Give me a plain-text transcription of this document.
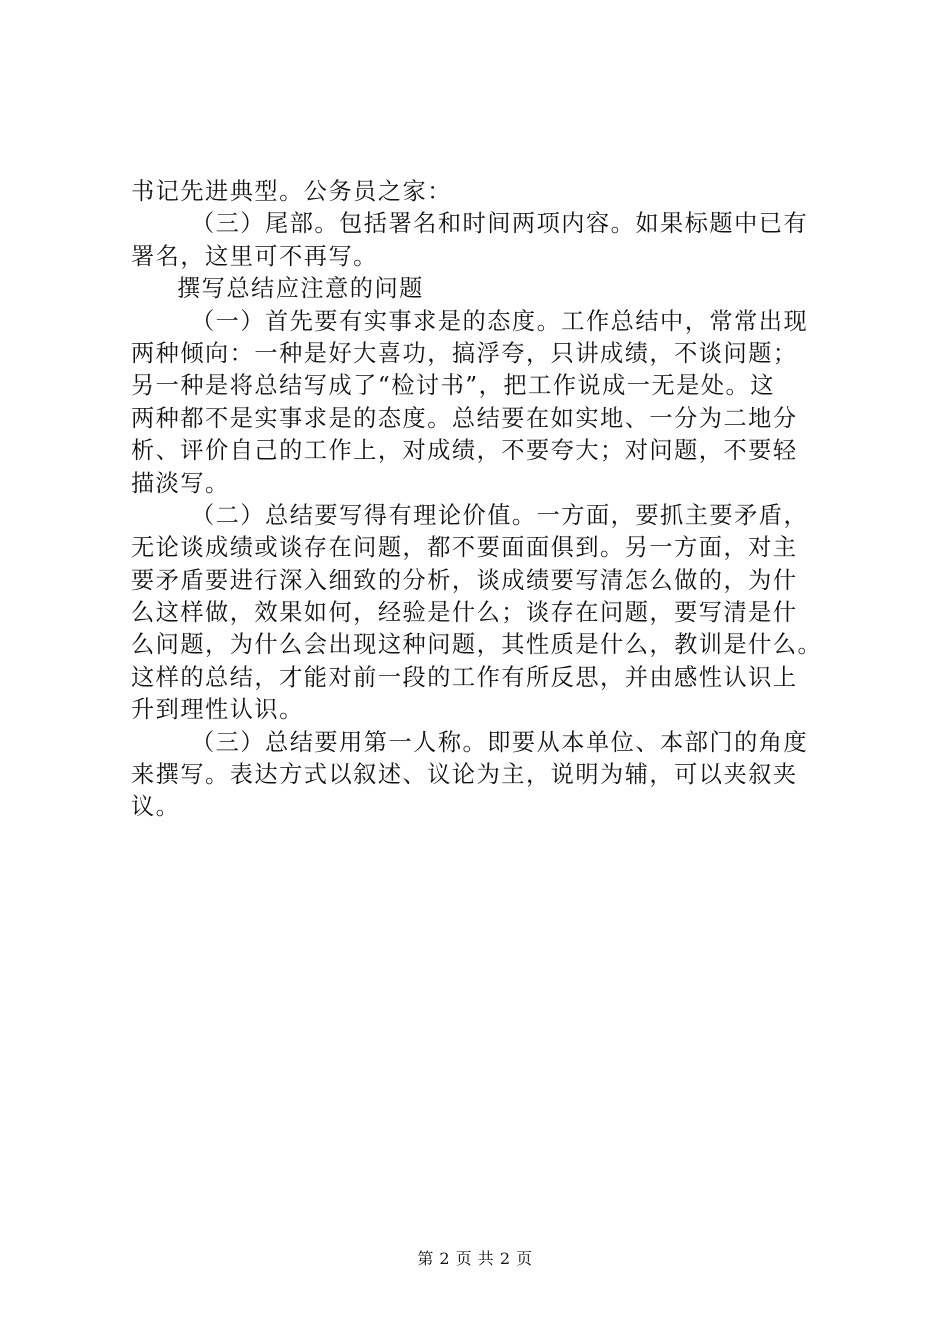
书记先进典型。公务员之家：
（三）尾部。包括署名和时间两项内容。如果标题中已有
署名，这里可不再写。
撰写总结应注意的问题
（一）首先要有实事求是的态度。工作总结中，常常出现
两种倾向：一种是好大喜功，搞浮夸，只讲成绩，不谈问题；
另一种是将总结写成了“检讨书”，把工作说成一无是处。这
两种都不是实事求是的态度。总结要在如实地、一分为二地分
析、评价自己的工作上，对成绩，不要夸大；对问题，不要轻
描淡写。
（二）总结要写得有理论价值。一方面，要抓主要矛盾，
无论谈成绩或谈存在问题，都不要面面俱到。另一方面，对主
要矛盾要进行深入细致的分析，谈成绩要写清怎么做的，为什
么这样做，效果如何，经验是什么；谈存在问题，要写清是什
么问题，为什么会出现这种问题，其性质是什么，教训是什么。
这样的总结，才能对前一段的工作有所反思，并由感性认识上
升到理性认识。
（三）总结要用第一人称。即要从本单位、本部门的角度
来撰写。表达方式以叙述、议论为主，说明为辅，可以夹叙夹
议。
第 2 页 共 2 页
